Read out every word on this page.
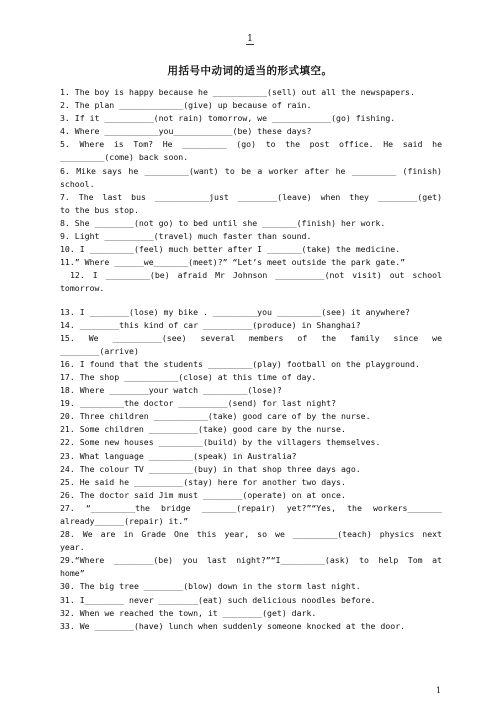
1
用括号中动词的适当的形式填空。

1. The boy is happy because he ___________(sell) out all the newspapers.

2. The plan _____________(give) up because of rain.

3. If it __________(not rain) tomorrow, we ____________(go) fishing.

4. Where ___________you____________(be) these days?

5. Where is Tom? He _________ (go) to the post office. He said he

_________(come) back soon.

6. Mike says he _________(want) to be a worker after he _________ (finish)

school.

7. The last bus ___________just ________(leave) when they ________(get)

to the bus stop.

8. She ________(not go) to bed until she _______(finish) her work.

9. Light __________(travel) much faster than sound.

10. I _________(feel) much better after I _______(take) the medicine.

11.” Where ______we_______(meet)?” “Let’s meet outside the park gate.”

12. I _________(be) afraid Mr Johnson __________(not visit) out school

tomorrow.

13. I ________(lose) my bike . _________you _________(see) it anywhere?

14. ________this kind of car __________(produce) in Shanghai?

15. We __________(see) several members of the family since we

________(arrive)

16. I found that the students _________(play) football on the playground.

17. The shop ___________(close) at this time of day.

18. Where ________your watch _________(lose)?

19. _________the doctor __________(send) for last night?

20. Three children ___________(take) good care of by the nurse.

21. Some children __________(take) good care by the nurse.

22. Some new houses _________(build) by the villagers themselves.

23. What language _________(speak) in Australia?

24. The colour TV _________(buy) in that shop three days ago.

25. He said he __________(stay) here for another two days.

26. The doctor said Jim must ________(operate) on at once.

27. “_________the bridge _______(repair) yet?”“Yes, the workers_______

already______(repair) it.”

28. We are in Grade One this year, so we _________(teach) physics next

year.

29.“Where ________(be) you last night?”“I_________(ask) to help Tom at

home”

30. The big tree ________(blow) down in the storm last night.

31. I________ never ________(eat) such delicious noodles before.

32. When we reached the town, it ________(get) dark.

33. We ________(have) lunch when suddenly someone knocked at the door.

1
